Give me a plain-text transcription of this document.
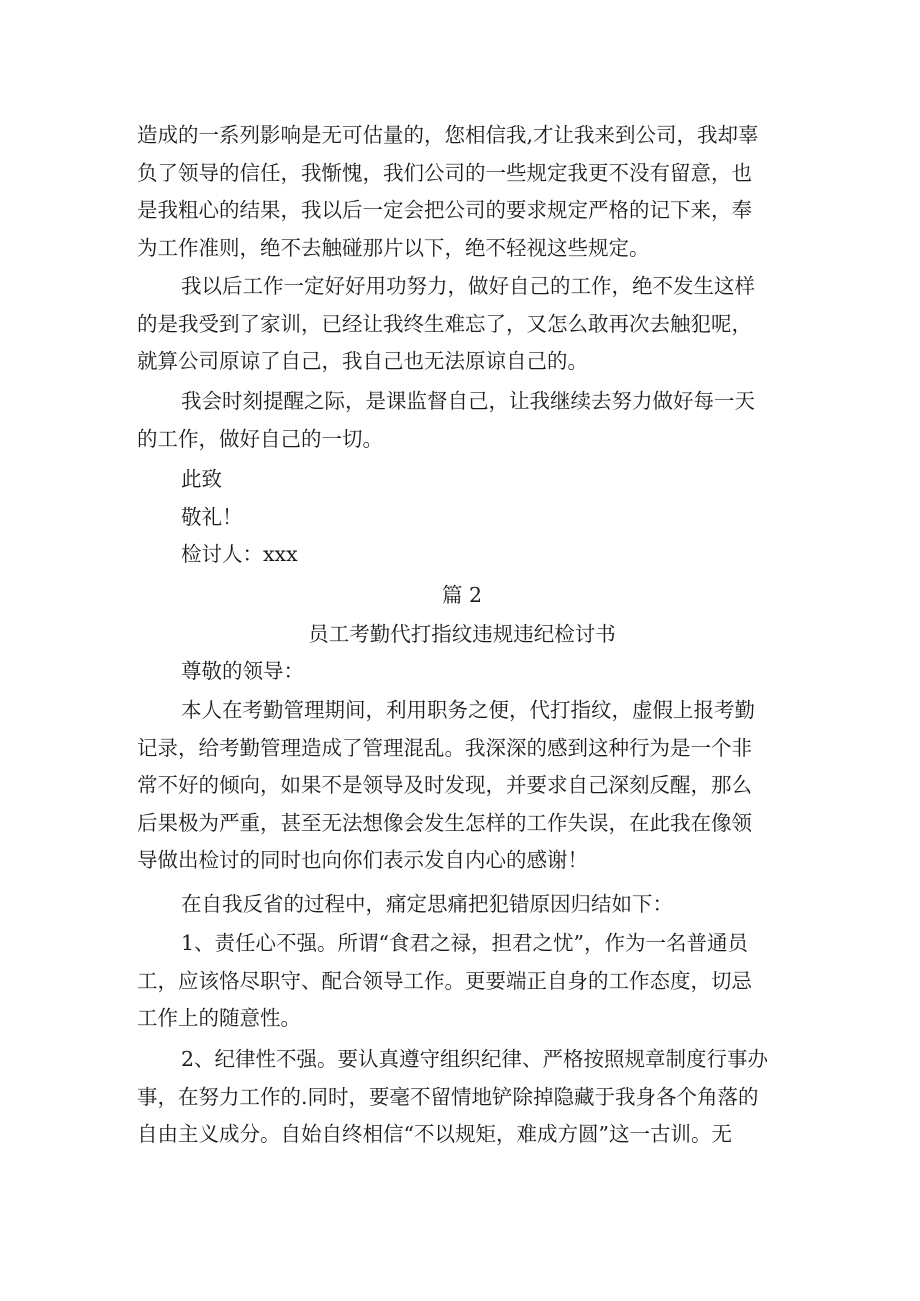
造成的一系列影响是无可估量的，您相信我,才让我来到公司，我却辜
负了领导的信任，我惭愧，我们公司的一些规定我更不没有留意，也
是我粗心的结果，我以后一定会把公司的要求规定严格的记下来，奉
为工作准则，绝不去触碰那片以下，绝不轻视这些规定。
我以后工作一定好好用功努力，做好自己的工作，绝不发生这样
的是我受到了家训，已经让我终生难忘了，又怎么敢再次去触犯呢，
就算公司原谅了自己，我自己也无法原谅自己的。
我会时刻提醒之际，是课监督自己，让我继续去努力做好每一天
的工作，做好自己的一切。
此致
敬礼！
检讨人：xxx

篇 2

员工考勤代打指纹违规违纪检讨书

尊敬的领导：
本人在考勤管理期间，利用职务之便，代打指纹，虚假上报考勤
记录，给考勤管理造成了管理混乱。我深深的感到这种行为是一个非
常不好的倾向，如果不是领导及时发现，并要求自己深刻反醒，那么
后果极为严重，甚至无法想像会发生怎样的工作失误，在此我在像领
导做出检讨的同时也向你们表示发自内心的感谢！
在自我反省的过程中，痛定思痛把犯错原因归结如下：
1、责任心不强。所谓“食君之禄，担君之忧”，作为一名普通员
工，应该恪尽职守、配合领导工作。更要端正自身的工作态度，切忌
工作上的随意性。
2、纪律性不强。要认真遵守组织纪律、严格按照规章制度行事办
事，在努力工作的.同时，要毫不留情地铲除掉隐藏于我身各个角落的
自由主义成分。自始自终相信“不以规矩，难成方圆”这一古训。无
